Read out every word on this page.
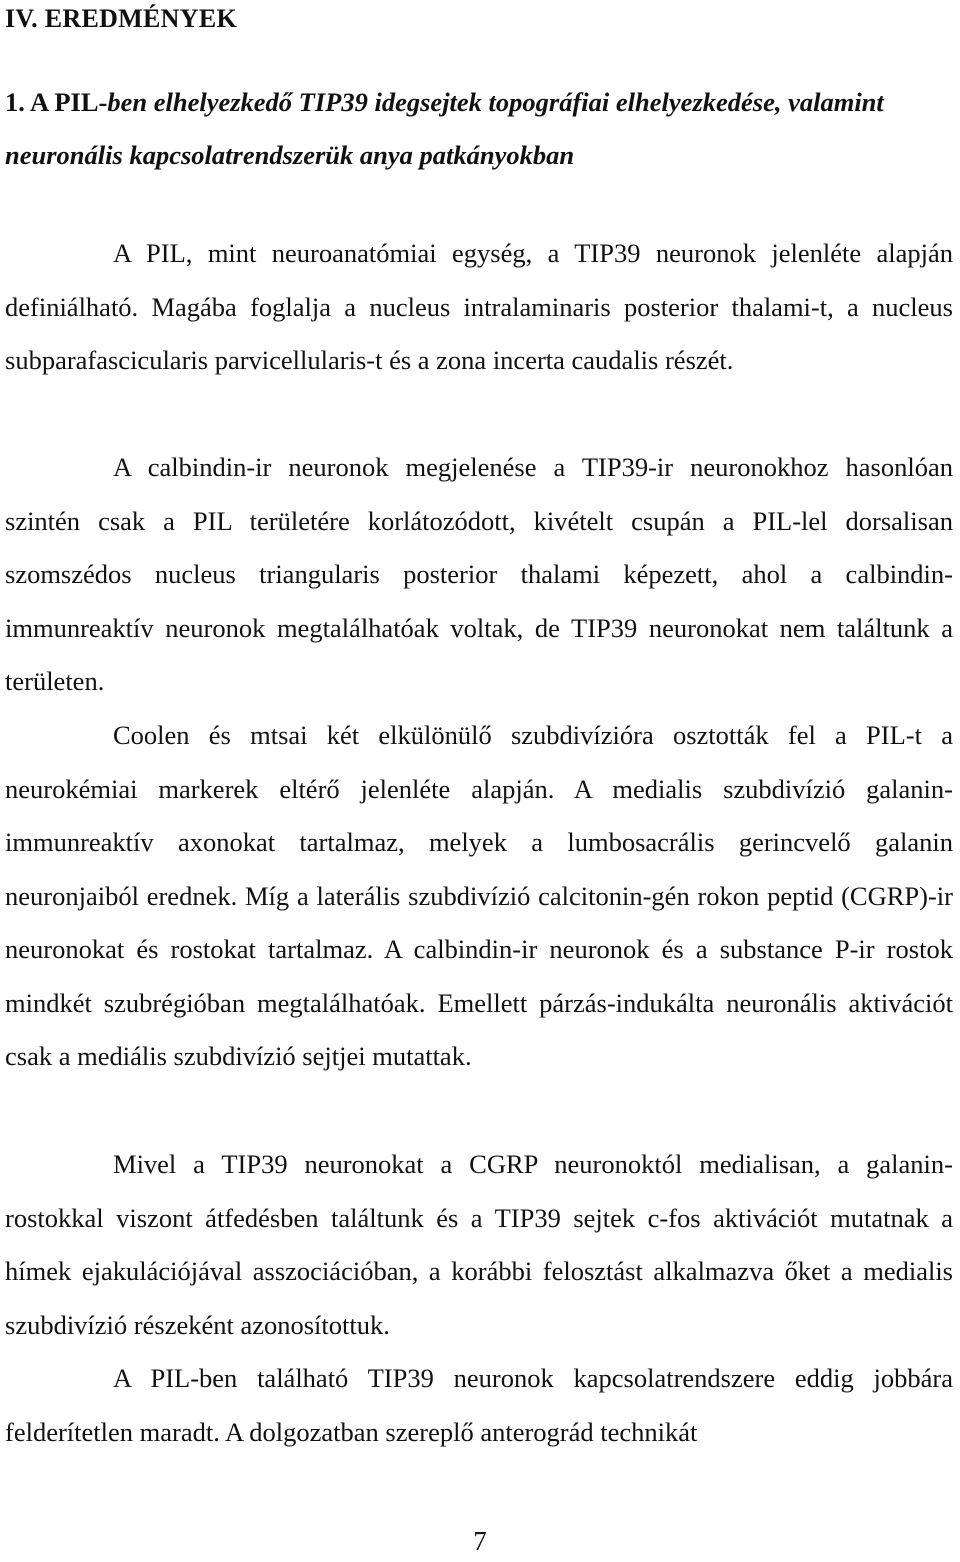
IV. EREDMÉNYEK
1. A PIL-ben elhelyezkedő TIP39 idegsejtek topográfiai elhelyezkedése, valamint neuronális kapcsolatrendszerük anya patkányokban

A PIL, mint neuroanatómiai egység, a TIP39 neuronok jelenléte alapján definiálható. Magába foglalja a nucleus intralaminaris posterior thalami-t, a nucleus subparafascicularis parvicellularis-t és a zona incerta caudalis részét.

A calbindin-ir neuronok megjelenése a TIP39-ir neuronokhoz hasonlóan szintén csak a PIL területére korlátozódott, kivételt csupán a PIL-lel dorsalisan szomszédos nucleus triangularis posterior thalami képezett, ahol a calbindin-immunreaktív neuronok megtalálhatóak voltak, de TIP39 neuronokat nem találtunk a területen.

Coolen és mtsai két elkülönülő szubdivízióra osztották fel a PIL-t a neurokémiai markerek eltérő jelenléte alapján. A medialis szubdivízió galanin-immunreaktív axonokat tartalmaz, melyek a lumbosacrális gerincvelő galanin neuronjaiból erednek. Míg a laterális szubdivízió calcitonin-gén rokon peptid (CGRP)-ir neuronokat és rostokat tartalmaz. A calbindin-ir neuronok és a substance P-ir rostok mindkét szubrégióban megtalálhatóak. Emellett párzás-indukálta neuronális aktivációt csak a mediális szubdivízió sejtjei mutattak.

Mivel a TIP39 neuronokat a CGRP neuronoktól medialisan, a galanin-rostokkal viszont átfedésben találtunk és a TIP39 sejtek c-fos aktivációt mutatnak a hímek ejakulációjával asszociációban, a korábbi felosztást alkalmazva őket a medialis szubdivízió részeként azonosítottuk.

A PIL-ben található TIP39 neuronok kapcsolatrendszere eddig jobbára felderítetlen maradt. A dolgozatban szereplő anterográd technikát

7
